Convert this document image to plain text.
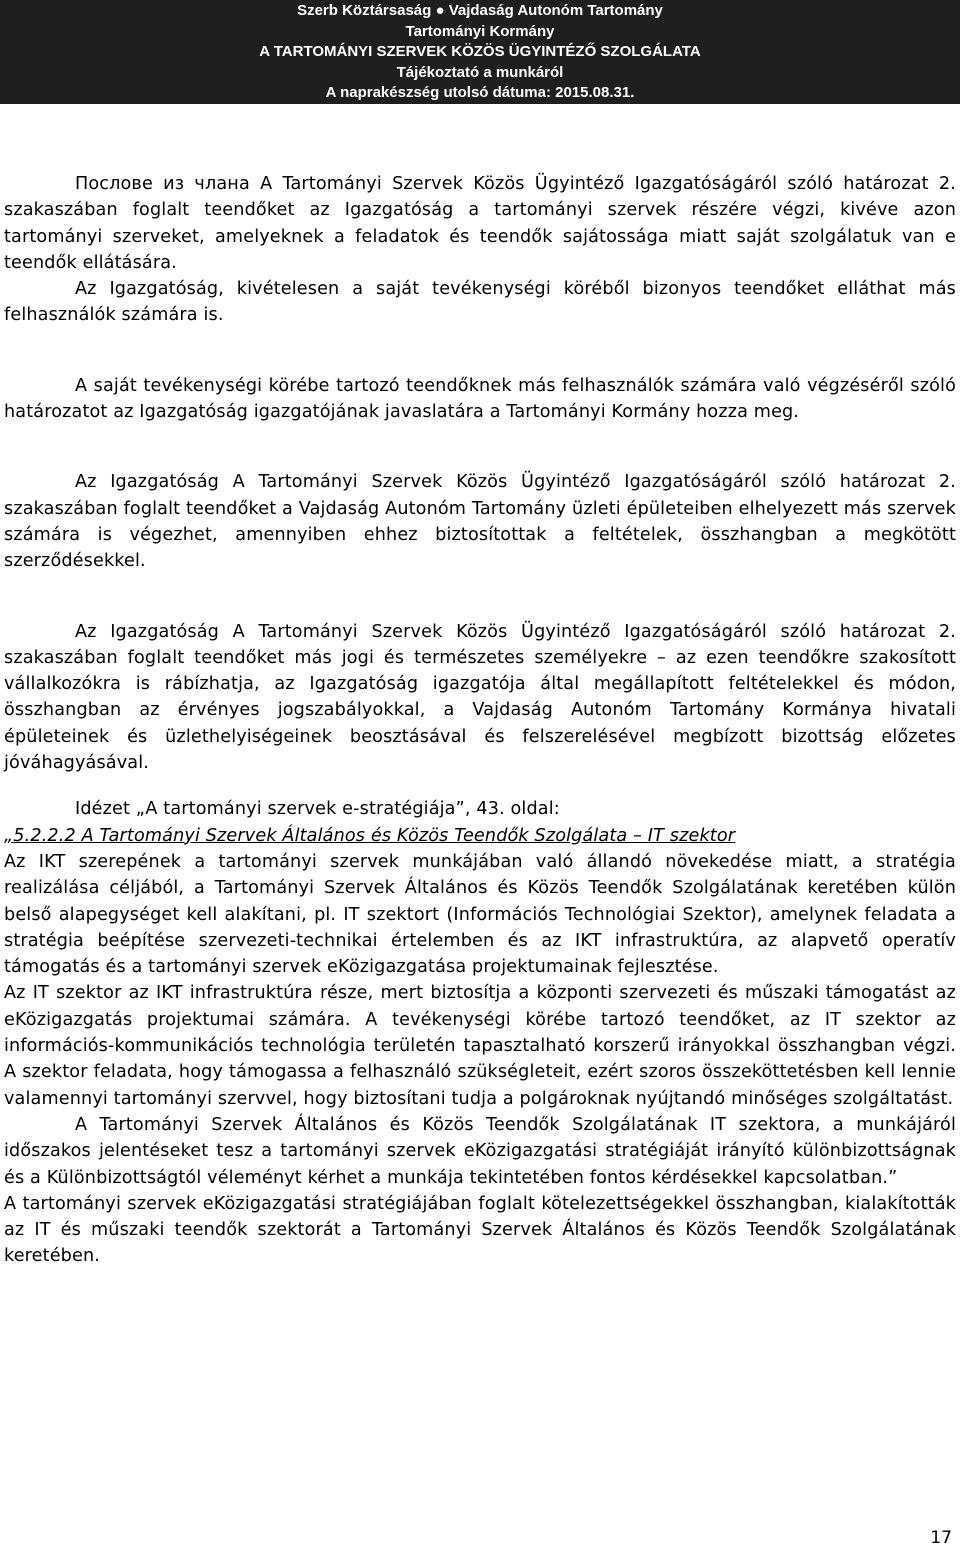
Szerb Köztársaság ● Vajdaság Autonóm Tartomány
Tartományi Kormány
A TARTOMÁNYI SZERVEK KÖZÖS ÜGYINTÉZŐ SZOLGÁLATA
Tájékoztató a munkáról
A naprakészség utolsó dátuma: 2015.08.31.

Послове из члана A Tartományi Szervek Közös Ügyintéző Igazgatóságáról szóló határozat 2. szakaszában foglalt teendőket az Igazgatóság a tartományi szervek részére végzi, kivéve azon tartományi szerveket, amelyeknek a feladatok és teendők sajátossága miatt saját szolgálatuk van e teendők ellátására.

Az Igazgatóság, kivételesen a saját tevékenységi köréből bizonyos teendőket elláthat más felhasználók számára is.

A saját tevékenységi körébe tartozó teendőknek más felhasználók számára való végzéséről szóló határozatot az Igazgatóság igazgatójának javaslatára a Tartományi Kormány hozza meg.

Az Igazgatóság A Tartományi Szervek Közös Ügyintéző Igazgatóságáról szóló határozat 2. szakaszában foglalt teendőket a Vajdaság Autonóm Tartomány üzleti épületeiben elhelyezett más szervek számára is végezhet, amennyiben ehhez biztosítottak a feltételek, összhangban a megkötött szerződésekkel.

Az Igazgatóság A Tartományi Szervek Közös Ügyintéző Igazgatóságáról szóló határozat 2. szakaszában foglalt teendőket más jogi és természetes személyekre – az ezen teendőkre szakosított vállalkozókra is rábízhatja, az Igazgatóság igazgatója által megállapított feltételekkel és módon, összhangban az érvényes jogszabályokkal, a Vajdaság Autonóm Tartomány Kormánya hivatali épületeinek és üzlethelyiségeinek beosztásával és felszerelésével megbízott bizottság előzetes jóváhagyásával.

Idézet „A tartományi szervek e-stratégiája”, 43. oldal:

„5.2.2.2 A Tartományi Szervek Általános és Közös Teendők Szolgálata – IT szektor

Az IKT szerepének a tartományi szervek munkájában való állandó növekedése miatt, a stratégia realizálása céljából, a Tartományi Szervek Általános és Közös Teendők Szolgálatának keretében külön belső alapegységet kell alakítani, pl. IT szektort (Információs Technológiai Szektor), amelynek feladata a stratégia beépítése szervezeti-technikai értelemben és az IKT infrastruktúra, az alapvető operatív támogatás és a tartományi szervek eKözigazgatása projektumainak fejlesztése.

Az IT szektor az IKT infrastruktúra része, mert biztosítja a központi szervezeti és műszaki támogatást az eKözigazgatás projektumai számára. A tevékenységi körébe tartozó teendőket, az IT szektor az információs-kommunikációs technológia területén tapasztalható korszerű irányokkal összhangban végzi. A szektor feladata, hogy támogassa a felhasználó szükségleteit, ezért szoros összeköttetésben kell lennie valamennyi tartományi szervvel, hogy biztosítani tudja a polgároknak nyújtandó minőséges szolgáltatást.

A Tartományi Szervek Általános és Közös Teendők Szolgálatának IT szektora, a munkájáról időszakos jelentéseket tesz a tartományi szervek eKözigazgatási stratégiáját irányító különbizottságnak és a Különbizottságtól véleményt kérhet a munkája tekintetében fontos kérdésekkel kapcsolatban.”

A tartományi szervek eKözigazgatási stratégiájában foglalt kötelezettségekkel összhangban, kialakították az IT és műszaki teendők szektorát a Tartományi Szervek Általános és Közös Teendők Szolgálatának keretében.

17
